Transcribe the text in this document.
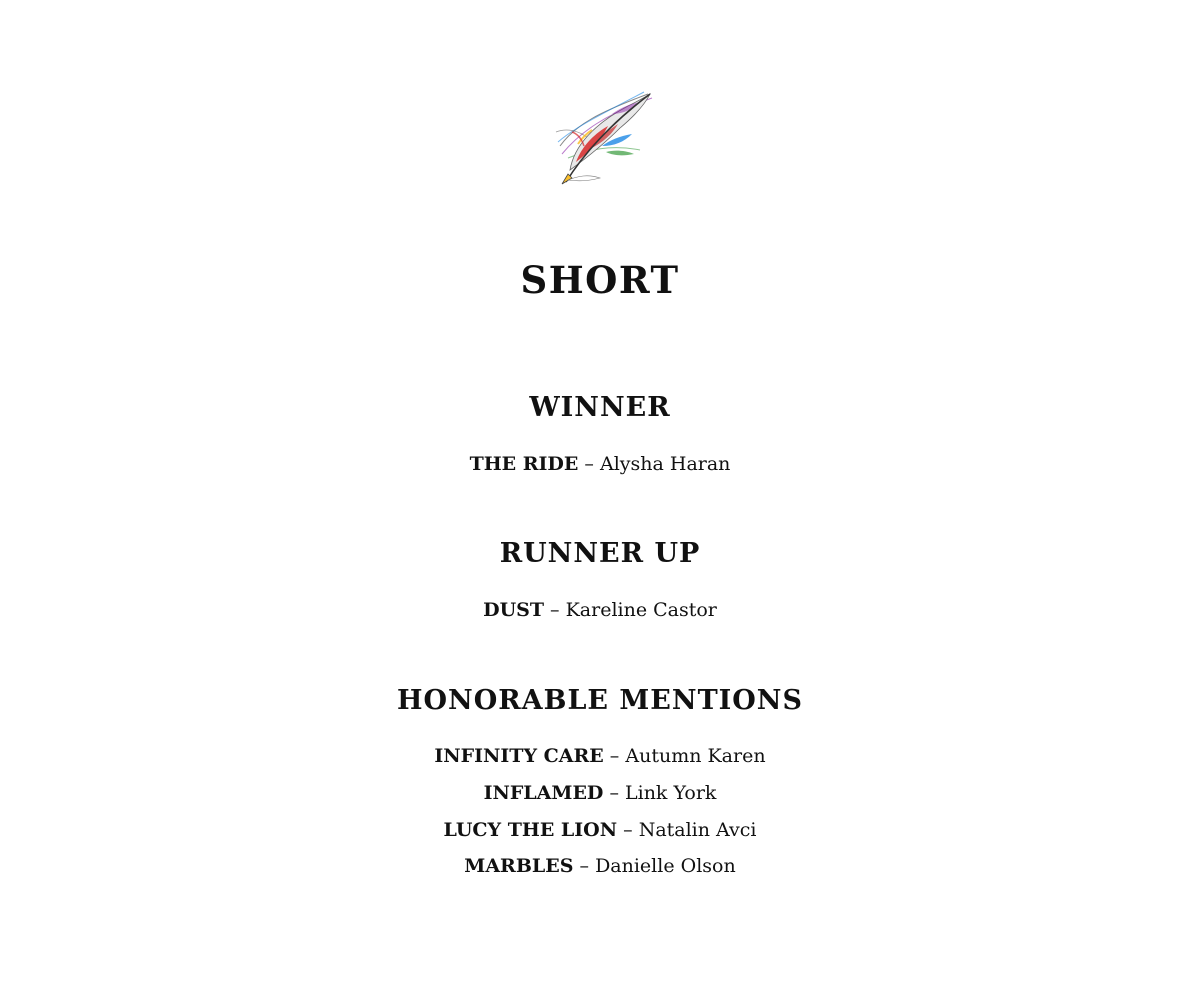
SHORT
WINNER
THE RIDE – Alysha Haran
RUNNER UP
DUST – Kareline Castor
HONORABLE MENTIONS
INFINITY CARE – Autumn Karen
INFLAMED – Link York
LUCY THE LION – Natalin Avci
MARBLES – Danielle Olson
